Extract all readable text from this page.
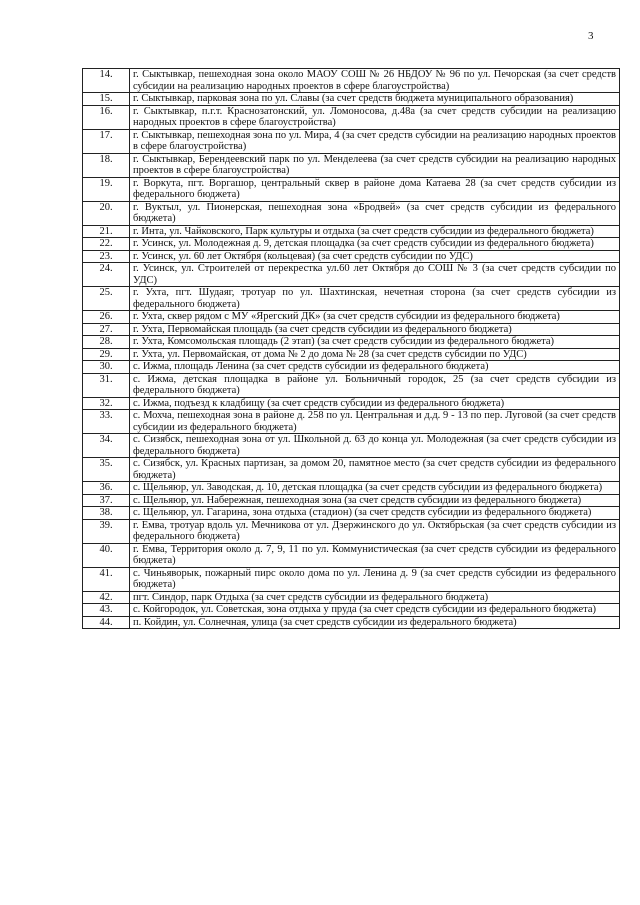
3
14.	г. Сыктывкар, пешеходная зона около МАОУ СОШ № 26 НБДОУ № 96 по ул. Печорская (за счет средств субсидии на реализацию народных проектов в сфере благоустройства)
15.	г. Сыктывкар, парковая зона по ул. Славы (за счет средств бюджета муниципального образования)
16.	г. Сыктывкар, п.г.т. Краснозатонский, ул. Ломоносова, д.48а (за счет средств субсидии на реализацию народных проектов в сфере благоустройства)
17.	г. Сыктывкар, пешеходная зона по ул. Мира, 4 (за счет средств субсидии на реализацию народных проектов в сфере благоустройства)
18.	г. Сыктывкар, Берендеевский парк по ул. Менделеева (за счет средств субсидии на реализацию народных проектов в сфере благоустройства)
19.	г. Воркута, пгт. Воргашор, центральный сквер в районе дома Катаева 28 (за счет средств субсидии из федерального бюджета)
20.	г. Вуктыл, ул. Пионерская, пешеходная зона «Бродвей» (за счет средств субсидии из федерального бюджета)
21.	г. Инта, ул. Чайковского, Парк культуры и отдыха (за счет средств субсидии из федерального бюджета)
22.	г. Усинск, ул. Молодежная д. 9, детская площадка (за счет средств субсидии из федерального бюджета)
23.	г. Усинск, ул. 60 лет Октября (кольцевая) (за счет средств субсидии по УДС)
24.	г. Усинск, ул. Строителей от перекрестка ул.60 лет Октября до СОШ № 3 (за счет средств субсидии по УДС)
25.	г. Ухта, пгт. Шудаяг, тротуар по ул. Шахтинская, нечетная сторона (за счет средств субсидии из федерального бюджета)
26.	г. Ухта, сквер рядом с МУ «Ярегский ДК» (за счет средств субсидии из федерального бюджета)
27.	г. Ухта, Первомайская площадь (за счет средств субсидии из федерального бюджета)
28.	г. Ухта, Комсомольская площадь (2 этап) (за счет средств субсидии из федерального бюджета)
29.	г. Ухта, ул. Первомайская, от дома № 2 до дома № 28 (за счет средств субсидии по УДС)
30.	с. Ижма, площадь Ленина (за счет средств субсидии из федерального бюджета)
31.	с. Ижма, детская площадка в районе ул. Больничный городок, 25 (за счет средств субсидии из федерального бюджета)
32.	с. Ижма, подъезд к кладбищу (за счет средств субсидии из федерального бюджета)
33.	с. Мохча, пешеходная зона в районе д. 258 по ул. Центральная и д.д. 9 - 13 по пер. Луговой (за счет средств субсидии из федерального бюджета)
34.	с. Сизябск, пешеходная зона от ул. Школьной д. 63 до конца ул. Молодежная (за счет средств субсидии из федерального бюджета)
35.	с. Сизябск, ул. Красных партизан, за домом 20, памятное место (за счет средств субсидии из федерального бюджета)
36.	с. Щельяюр, ул. Заводская, д. 10, детская площадка (за счет средств субсидии из федерального бюджета)
37.	с. Щельяюр, ул. Набережная, пешеходная зона (за счет средств субсидии из федерального бюджета)
38.	с. Щельяюр, ул. Гагарина, зона отдыха (стадион) (за счет средств субсидии из федерального бюджета)
39.	г. Емва, тротуар вдоль ул. Мечникова от ул. Дзержинского до ул. Октябрьская (за счет средств субсидии из федерального бюджета)
40.	г. Емва, Территория около д. 7, 9, 11 по ул. Коммунистическая (за счет средств субсидии из федерального бюджета)
41.	с. Чиньяворык, пожарный пирс около дома по ул. Ленина д. 9 (за счет средств субсидии из федерального бюджета)
42.	пгт. Синдор, парк Отдыха (за счет средств субсидии из федерального бюджета)
43.	с. Койгородок, ул. Советская, зона отдыха у пруда (за счет средств субсидии из федерального бюджета)
44.	п. Койдин, ул. Солнечная, улица (за счет средств субсидии из федерального бюджета)
